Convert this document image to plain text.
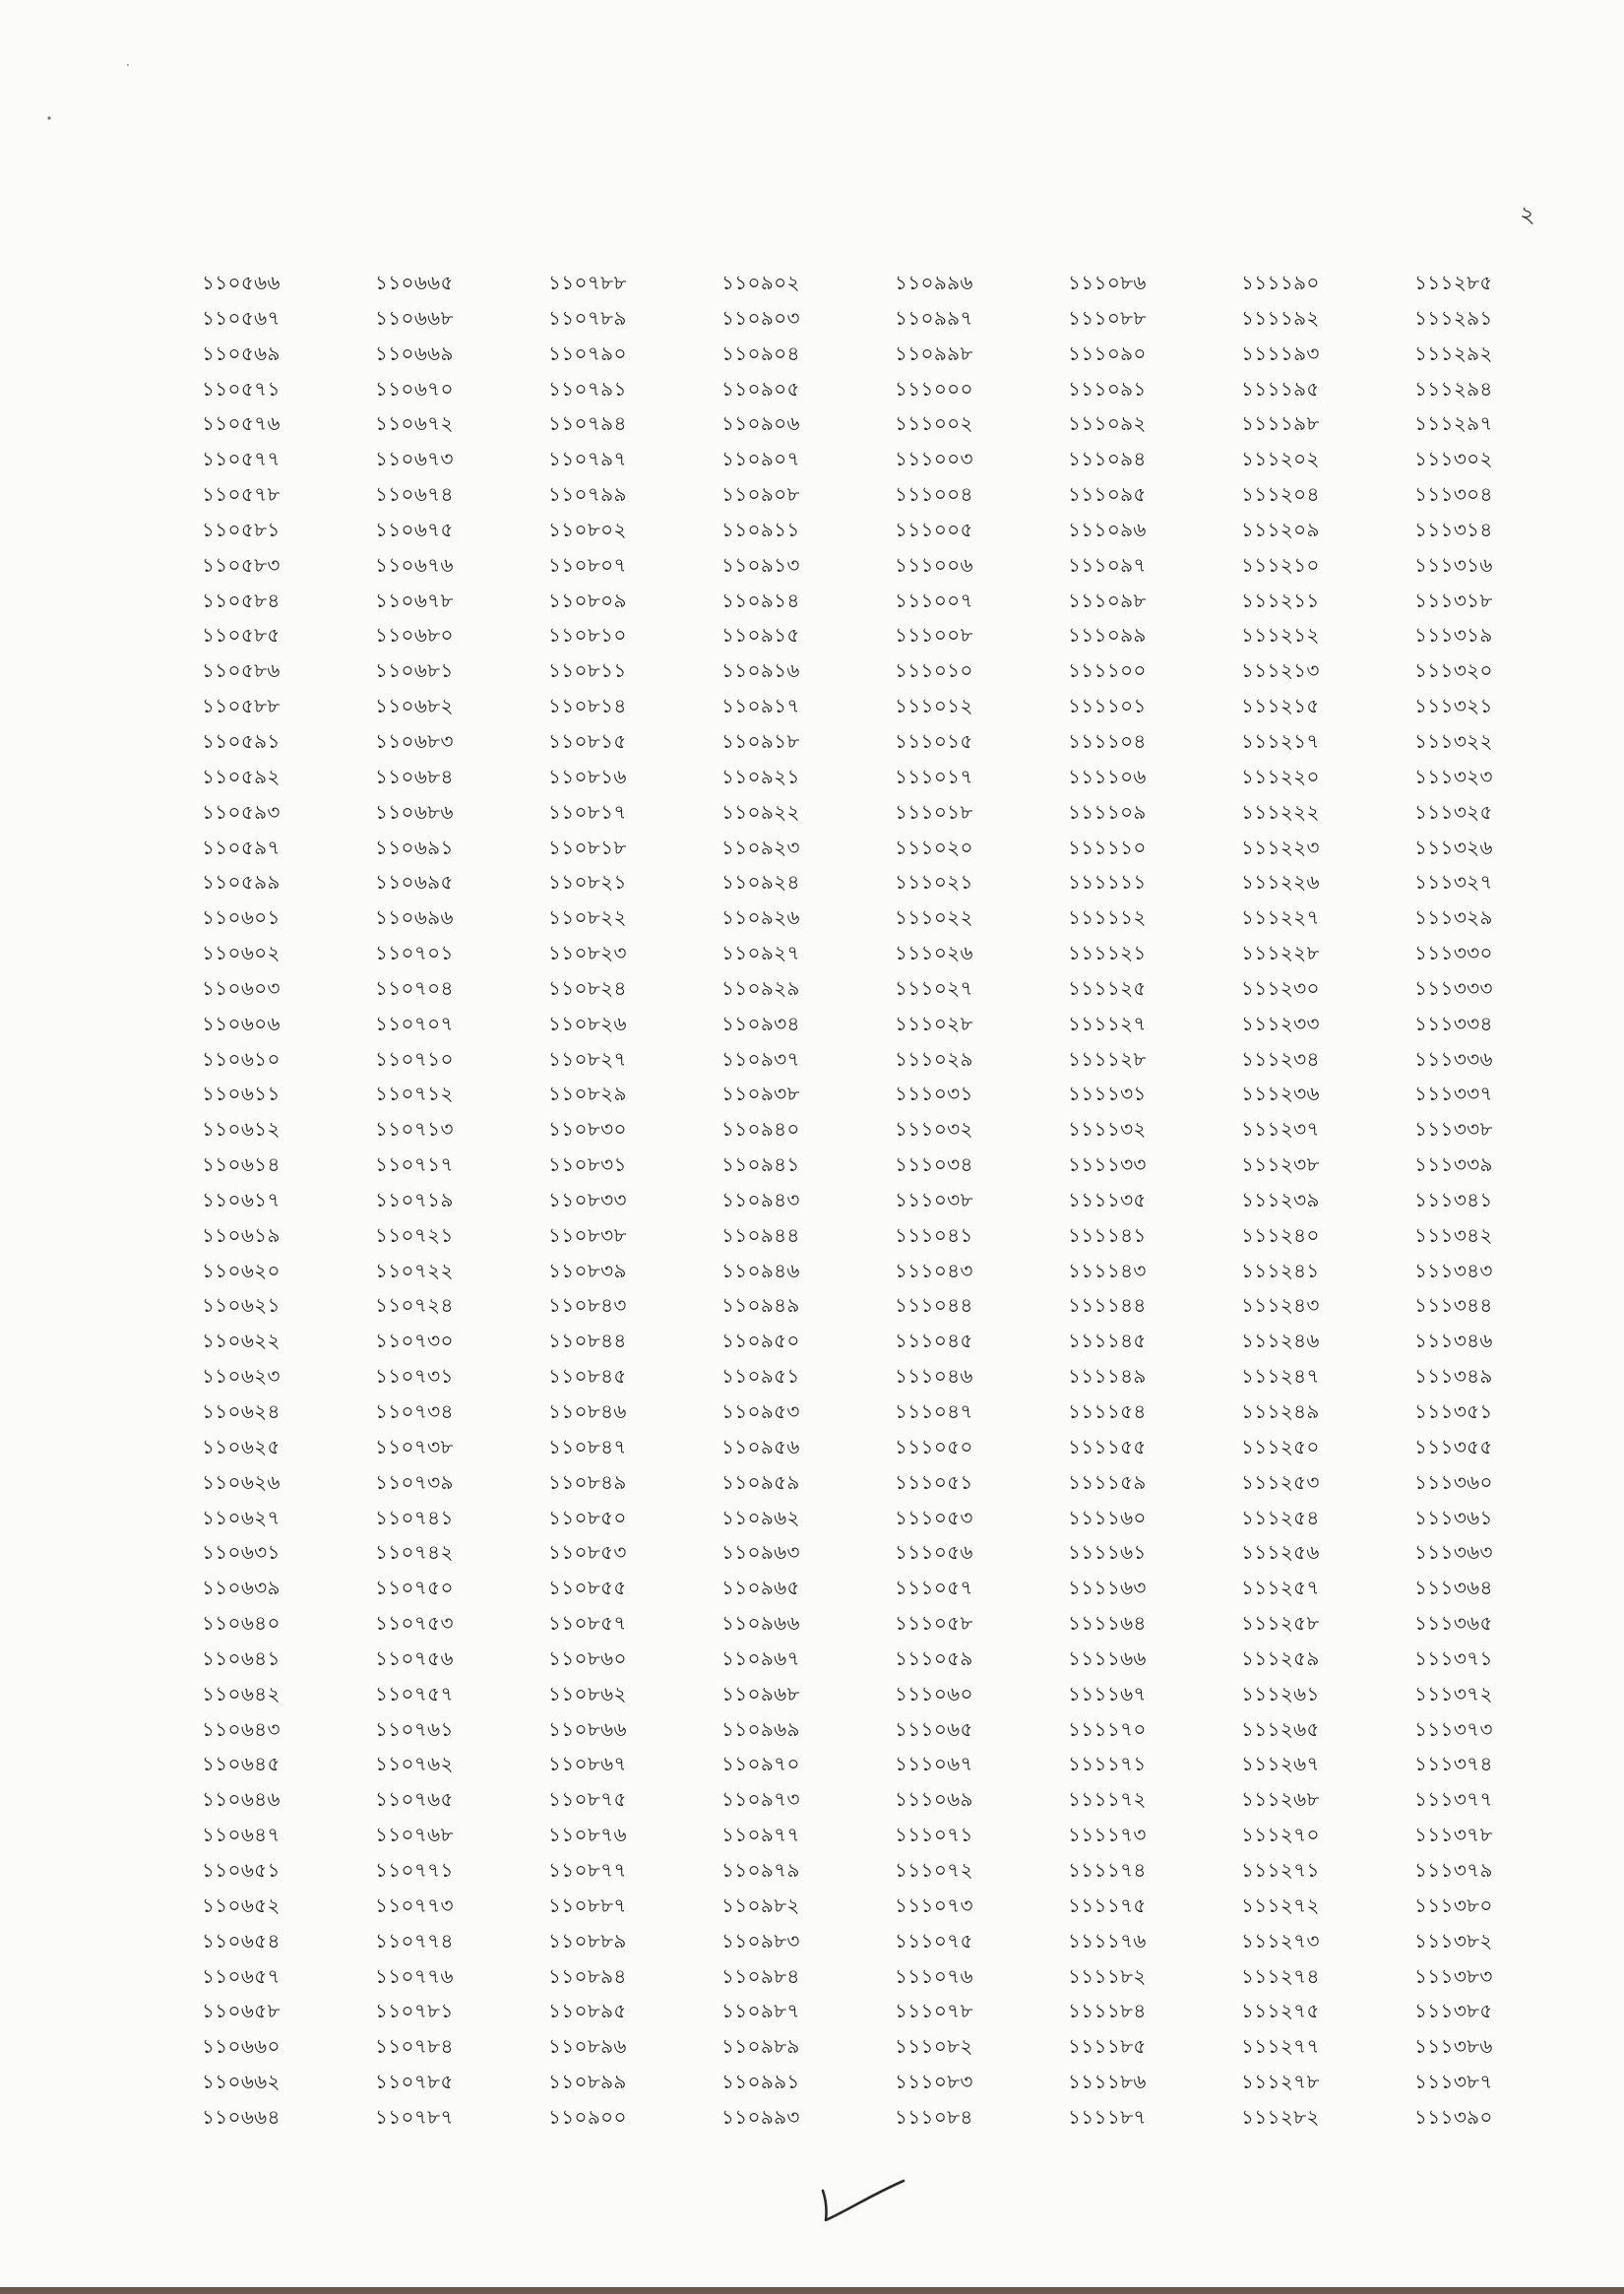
২
১১০৫৬৬	১১০৬৬৫	১১০৭৮৮	১১০৯০২	১১০৯৯৬	১১১০৮৬	১১১১৯০	১১১২৮৫
১১০৫৬৭	১১০৬৬৮	১১০৭৮৯	১১০৯০৩	১১০৯৯৭	১১১০৮৮	১১১১৯২	১১১২৯১
১১০৫৬৯	১১০৬৬৯	১১০৭৯০	১১০৯০৪	১১০৯৯৮	১১১০৯০	১১১১৯৩	১১১২৯২
১১০৫৭১	১১০৬৭০	১১০৭৯১	১১০৯০৫	১১১০০০	১১১০৯১	১১১১৯৫	১১১২৯৪
১১০৫৭৬	১১০৬৭২	১১০৭৯৪	১১০৯০৬	১১১০০২	১১১০৯২	১১১১৯৮	১১১২৯৭
১১০৫৭৭	১১০৬৭৩	১১০৭৯৭	১১০৯০৭	১১১০০৩	১১১০৯৪	১১১২০২	১১১৩০২
১১০৫৭৮	১১০৬৭৪	১১০৭৯৯	১১০৯০৮	১১১০০৪	১১১০৯৫	১১১২০৪	১১১৩০৪
১১০৫৮১	১১০৬৭৫	১১০৮০২	১১০৯১১	১১১০০৫	১১১০৯৬	১১১২০৯	১১১৩১৪
১১০৫৮৩	১১০৬৭৬	১১০৮০৭	১১০৯১৩	১১১০০৬	১১১০৯৭	১১১২১০	১১১৩১৬
১১০৫৮৪	১১০৬৭৮	১১০৮০৯	১১০৯১৪	১১১০০৭	১১১০৯৮	১১১২১১	১১১৩১৮
১১০৫৮৫	১১০৬৮০	১১০৮১০	১১০৯১৫	১১১০০৮	১১১০৯৯	১১১২১২	১১১৩১৯
১১০৫৮৬	১১০৬৮১	১১০৮১১	১১০৯১৬	১১১০১০	১১১১০০	১১১২১৩	১১১৩২০
১১০৫৮৮	১১০৬৮২	১১০৮১৪	১১০৯১৭	১১১০১২	১১১১০১	১১১২১৫	১১১৩২১
১১০৫৯১	১১০৬৮৩	১১০৮১৫	১১০৯১৮	১১১০১৫	১১১১০৪	১১১২১৭	১১১৩২২
১১০৫৯২	১১০৬৮৪	১১০৮১৬	১১০৯২১	১১১০১৭	১১১১০৬	১১১২২০	১১১৩২৩
১১০৫৯৩	১১০৬৮৬	১১০৮১৭	১১০৯২২	১১১০১৮	১১১১০৯	১১১২২২	১১১৩২৫
১১০৫৯৭	১১০৬৯১	১১০৮১৮	১১০৯২৩	১১১০২০	১১১১১০	১১১২২৩	১১১৩২৬
১১০৫৯৯	১১০৬৯৫	১১০৮২১	১১০৯২৪	১১১০২১	১১১১১১	১১১২২৬	১১১৩২৭
১১০৬০১	১১০৬৯৬	১১০৮২২	১১০৯২৬	১১১০২২	১১১১১২	১১১২২৭	১১১৩২৯
১১০৬০২	১১০৭০১	১১০৮২৩	১১০৯২৭	১১১০২৬	১১১১২১	১১১২২৮	১১১৩৩০
১১০৬০৩	১১০৭০৪	১১০৮২৪	১১০৯২৯	১১১০২৭	১১১১২৫	১১১২৩০	১১১৩৩৩
১১০৬০৬	১১০৭০৭	১১০৮২৬	১১০৯৩৪	১১১০২৮	১১১১২৭	১১১২৩৩	১১১৩৩৪
১১০৬১০	১১০৭১০	১১০৮২৭	১১০৯৩৭	১১১০২৯	১১১১২৮	১১১২৩৪	১১১৩৩৬
১১০৬১১	১১০৭১২	১১০৮২৯	১১০৯৩৮	১১১০৩১	১১১১৩১	১১১২৩৬	১১১৩৩৭
১১০৬১২	১১০৭১৩	১১০৮৩০	১১০৯৪০	১১১০৩২	১১১১৩২	১১১২৩৭	১১১৩৩৮
১১০৬১৪	১১০৭১৭	১১০৮৩১	১১০৯৪১	১১১০৩৪	১১১১৩৩	১১১২৩৮	১১১৩৩৯
১১০৬১৭	১১০৭১৯	১১০৮৩৩	১১০৯৪৩	১১১০৩৮	১১১১৩৫	১১১২৩৯	১১১৩৪১
১১০৬১৯	১১০৭২১	১১০৮৩৮	১১০৯৪৪	১১১০৪১	১১১১৪১	১১১২৪০	১১১৩৪২
১১০৬২০	১১০৭২২	১১০৮৩৯	১১০৯৪৬	১১১০৪৩	১১১১৪৩	১১১২৪১	১১১৩৪৩
১১০৬২১	১১০৭২৪	১১০৮৪৩	১১০৯৪৯	১১১০৪৪	১১১১৪৪	১১১২৪৩	১১১৩৪৪
১১০৬২২	১১০৭৩০	১১০৮৪৪	১১০৯৫০	১১১০৪৫	১১১১৪৫	১১১২৪৬	১১১৩৪৬
১১০৬২৩	১১০৭৩১	১১০৮৪৫	১১০৯৫১	১১১০৪৬	১১১১৪৯	১১১২৪৭	১১১৩৪৯
১১০৬২৪	১১০৭৩৪	১১০৮৪৬	১১০৯৫৩	১১১০৪৭	১১১১৫৪	১১১২৪৯	১১১৩৫১
১১০৬২৫	১১০৭৩৮	১১০৮৪৭	১১০৯৫৬	১১১০৫০	১১১১৫৫	১১১২৫০	১১১৩৫৫
১১০৬২৬	১১০৭৩৯	১১০৮৪৯	১১০৯৫৯	১১১০৫১	১১১১৫৯	১১১২৫৩	১১১৩৬০
১১০৬২৭	১১০৭৪১	১১০৮৫০	১১০৯৬২	১১১০৫৩	১১১১৬০	১১১২৫৪	১১১৩৬১
১১০৬৩১	১১০৭৪২	১১০৮৫৩	১১০৯৬৩	১১১০৫৬	১১১১৬১	১১১২৫৬	১১১৩৬৩
১১০৬৩৯	১১০৭৫০	১১০৮৫৫	১১০৯৬৫	১১১০৫৭	১১১১৬৩	১১১২৫৭	১১১৩৬৪
১১০৬৪০	১১০৭৫৩	১১০৮৫৭	১১০৯৬৬	১১১০৫৮	১১১১৬৪	১১১২৫৮	১১১৩৬৫
১১০৬৪১	১১০৭৫৬	১১০৮৬০	১১০৯৬৭	১১১০৫৯	১১১১৬৬	১১১২৫৯	১১১৩৭১
১১০৬৪২	১১০৭৫৭	১১০৮৬২	১১০৯৬৮	১১১০৬০	১১১১৬৭	১১১২৬১	১১১৩৭২
১১০৬৪৩	১১০৭৬১	১১০৮৬৬	১১০৯৬৯	১১১০৬৫	১১১১৭০	১১১২৬৫	১১১৩৭৩
১১০৬৪৫	১১০৭৬২	১১০৮৬৭	১১০৯৭০	১১১০৬৭	১১১১৭১	১১১২৬৭	১১১৩৭৪
১১০৬৪৬	১১০৭৬৫	১১০৮৭৫	১১০৯৭৩	১১১০৬৯	১১১১৭২	১১১২৬৮	১১১৩৭৭
১১০৬৪৭	১১০৭৬৮	১১০৮৭৬	১১০৯৭৭	১১১০৭১	১১১১৭৩	১১১২৭০	১১১৩৭৮
১১০৬৫১	১১০৭৭১	১১০৮৭৭	১১০৯৭৯	১১১০৭২	১১১১৭৪	১১১২৭১	১১১৩৭৯
১১০৬৫২	১১০৭৭৩	১১০৮৮৭	১১০৯৮২	১১১০৭৩	১১১১৭৫	১১১২৭২	১১১৩৮০
১১০৬৫৪	১১০৭৭৪	১১০৮৮৯	১১০৯৮৩	১১১০৭৫	১১১১৭৬	১১১২৭৩	১১১৩৮২
১১০৬৫৭	১১০৭৭৬	১১০৮৯৪	১১০৯৮৪	১১১০৭৬	১১১১৮২	১১১২৭৪	১১১৩৮৩
১১০৬৫৮	১১০৭৮১	১১০৮৯৫	১১০৯৮৭	১১১০৭৮	১১১১৮৪	১১১২৭৫	১১১৩৮৫
১১০৬৬০	১১০৭৮৪	১১০৮৯৬	১১০৯৮৯	১১১০৮২	১১১১৮৫	১১১২৭৭	১১১৩৮৬
১১০৬৬২	১১০৭৮৫	১১০৮৯৯	১১০৯৯১	১১১০৮৩	১১১১৮৬	১১১২৭৮	১১১৩৮৭
১১০৬৬৪	১১০৭৮৭	১১০৯০০	১১০৯৯৩	১১১০৮৪	১১১১৮৭	১১১২৮২	১১১৩৯০
